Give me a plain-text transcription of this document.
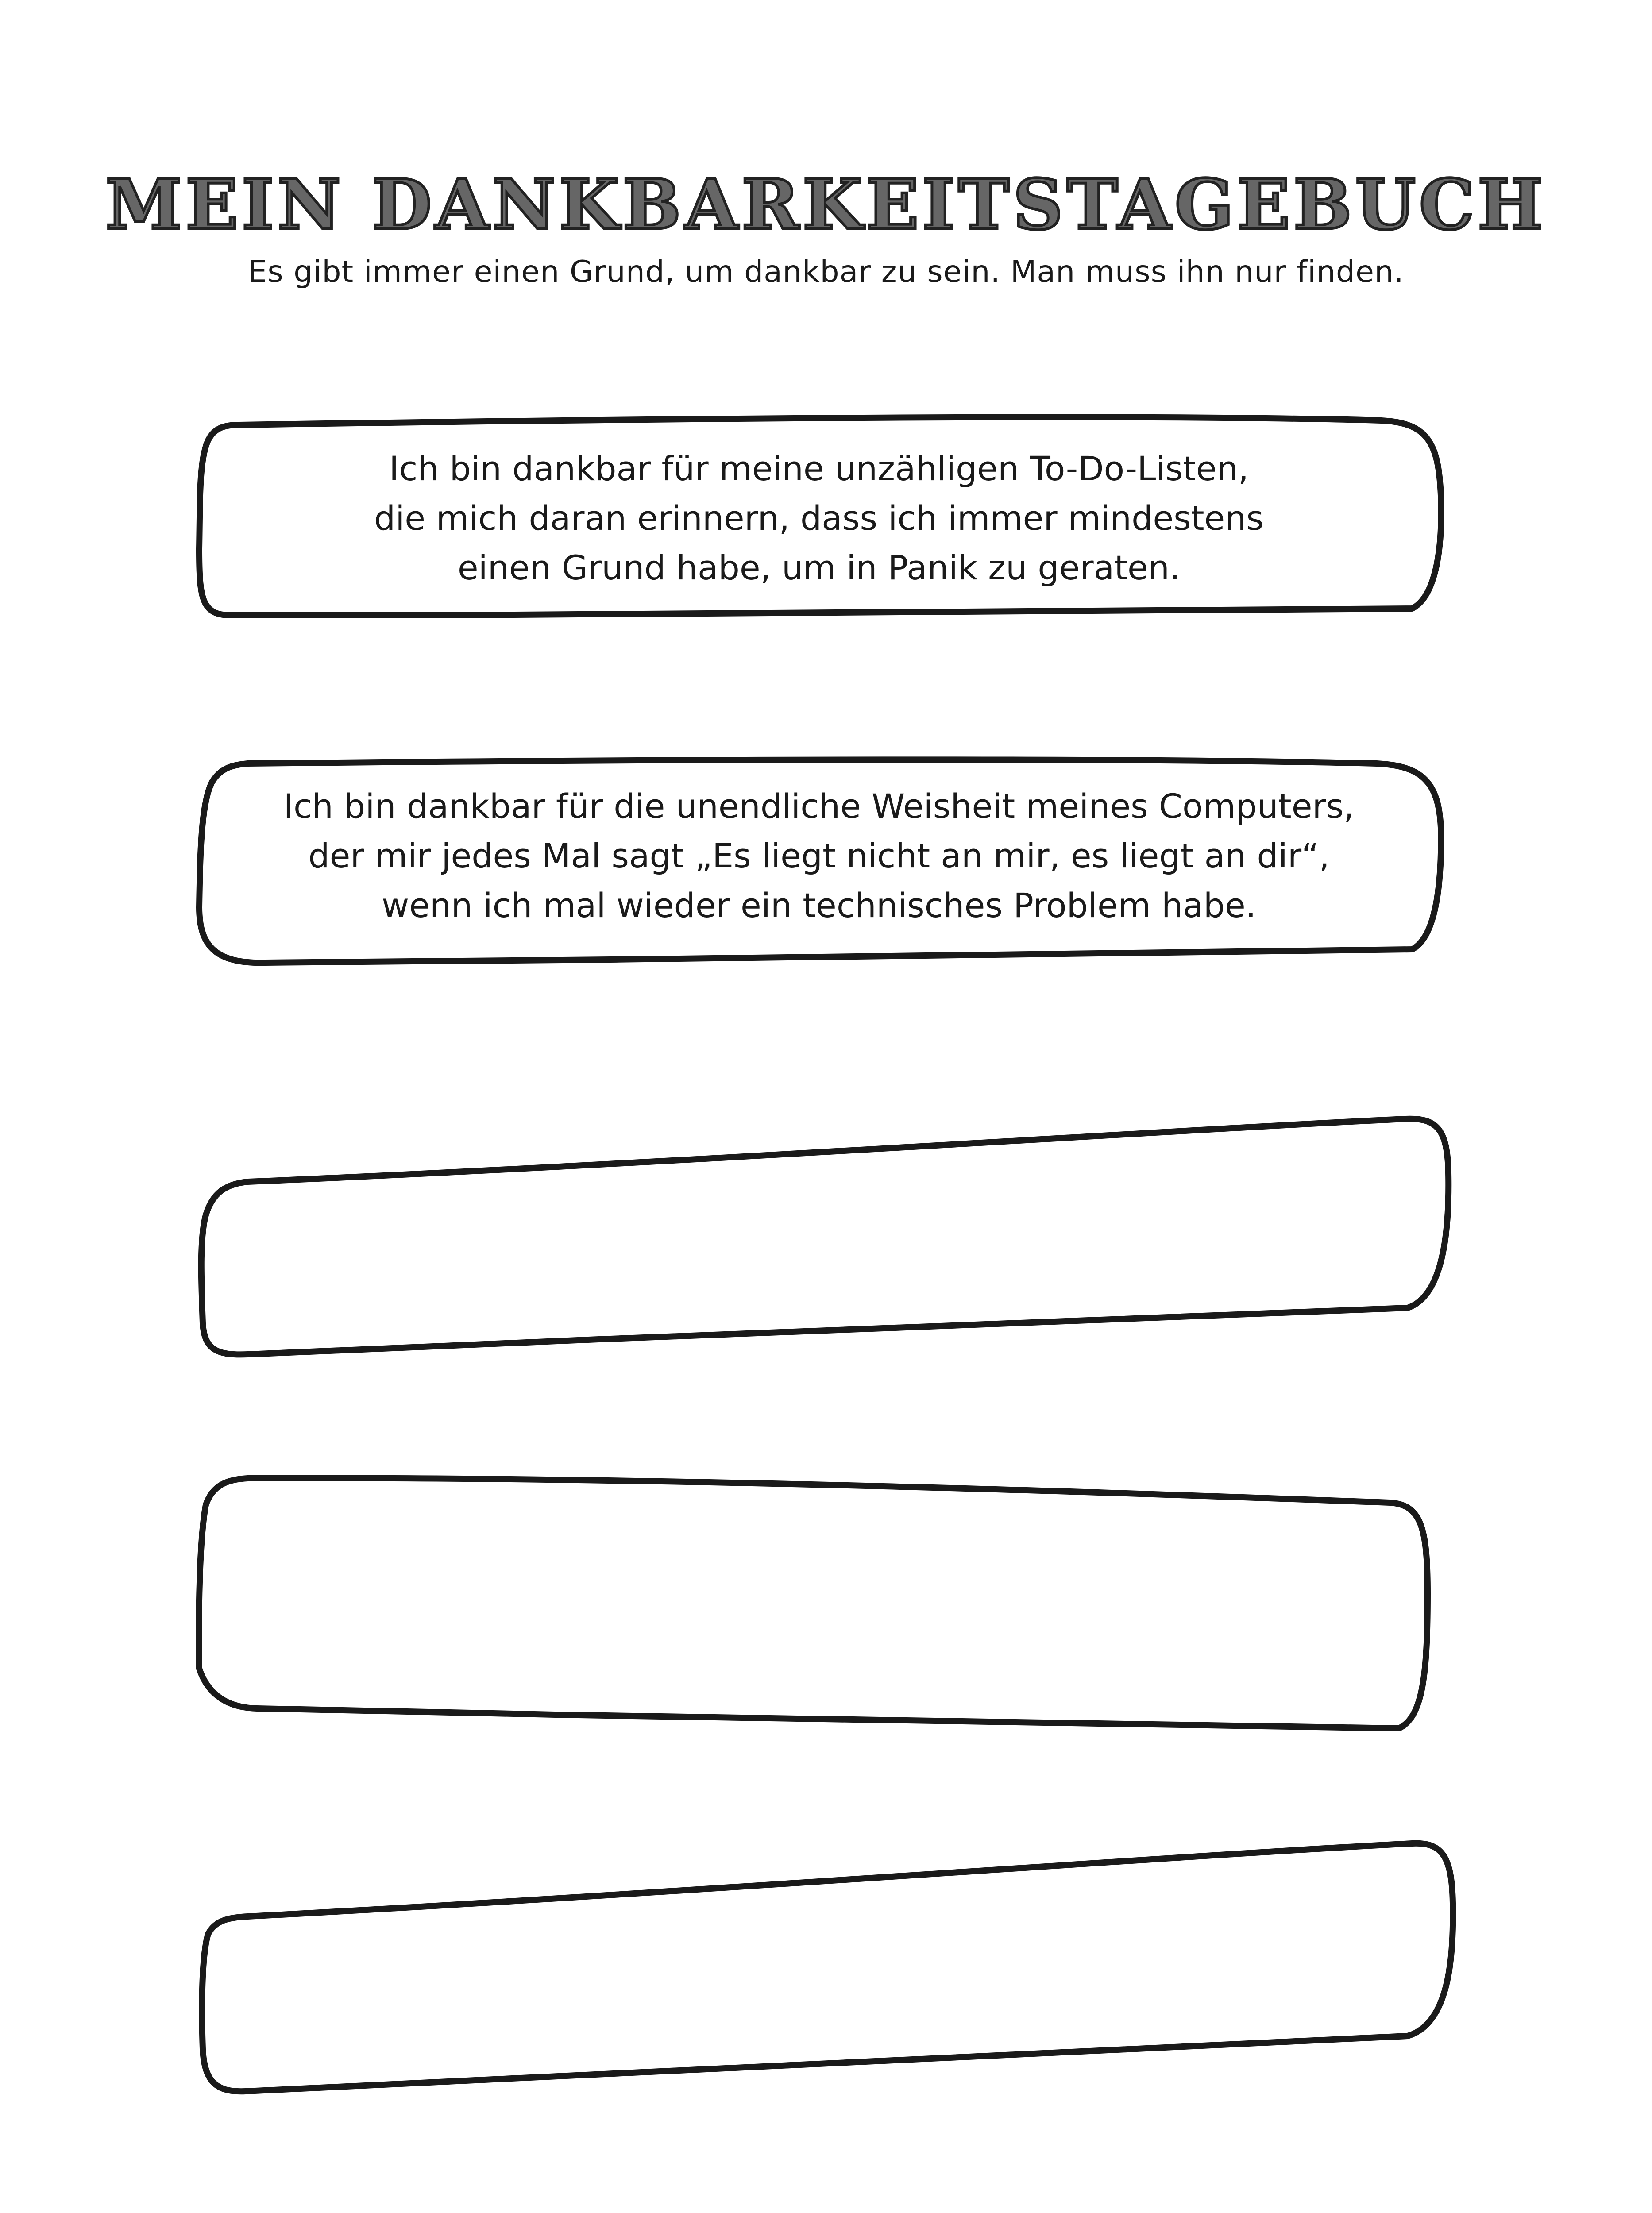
MEIN DANKBARKEITSTAGEBUCH
Es gibt immer einen Grund, um dankbar zu sein. Man muss ihn nur finden.
Ich bin dankbar für meine unzähligen To-Do-Listen,
die mich daran erinnern, dass ich immer mindestens
einen Grund habe, um in Panik zu geraten.
Ich bin dankbar für die unendliche Weisheit meines Computers,
der mir jedes Mal sagt „Es liegt nicht an mir, es liegt an dir“,
wenn ich mal wieder ein technisches Problem habe.
